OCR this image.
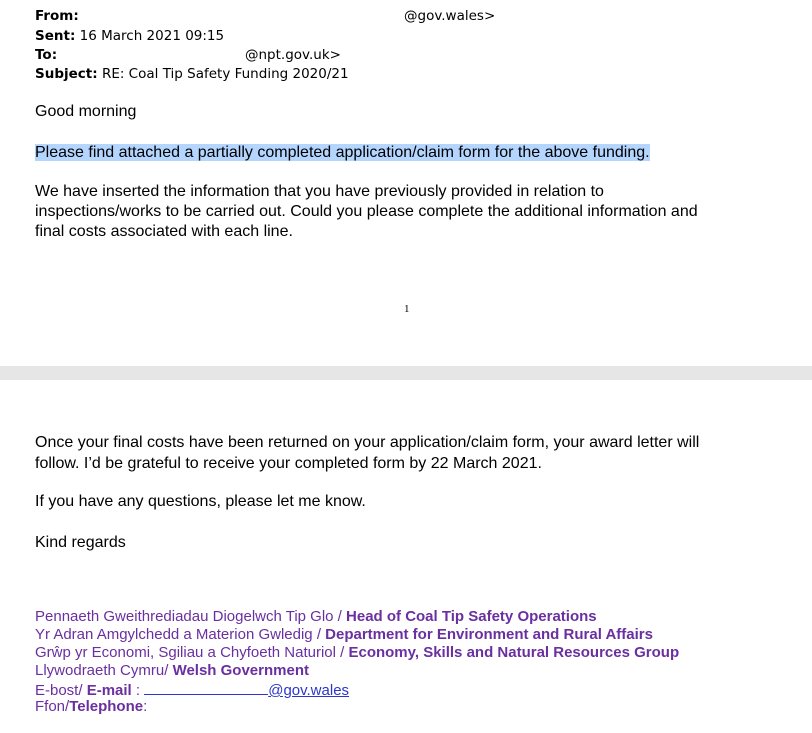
From:	@gov.wales>
Sent: 16 March 2021 09:15
To:	@npt.gov.uk>
Subject: RE: Coal Tip Safety Funding 2020/21
Good morning
Please find attached a partially completed application/claim form for the above funding.
We have inserted the information that you have previously provided in relation to
inspections/works to be carried out. Could you please complete the additional information and
final costs associated with each line.
1
Once your final costs have been returned on your application/claim form, your award letter will
follow. I’d be grateful to receive your completed form by 22 March 2021.
If you have any questions, please let me know.
Kind regards
Pennaeth Gweithrediadau Diogelwch Tip Glo / Head of Coal Tip Safety Operations
Yr Adran Amgylchedd a Materion Gwledig / Department for Environment and Rural Affairs
Grŵp yr Economi, Sgiliau a Chyfoeth Naturiol / Economy, Skills and Natural Resources Group
Llywodraeth Cymru/ Welsh Government
E-bost/ E-mail :	@gov.wales
Ffon/Telephone:
